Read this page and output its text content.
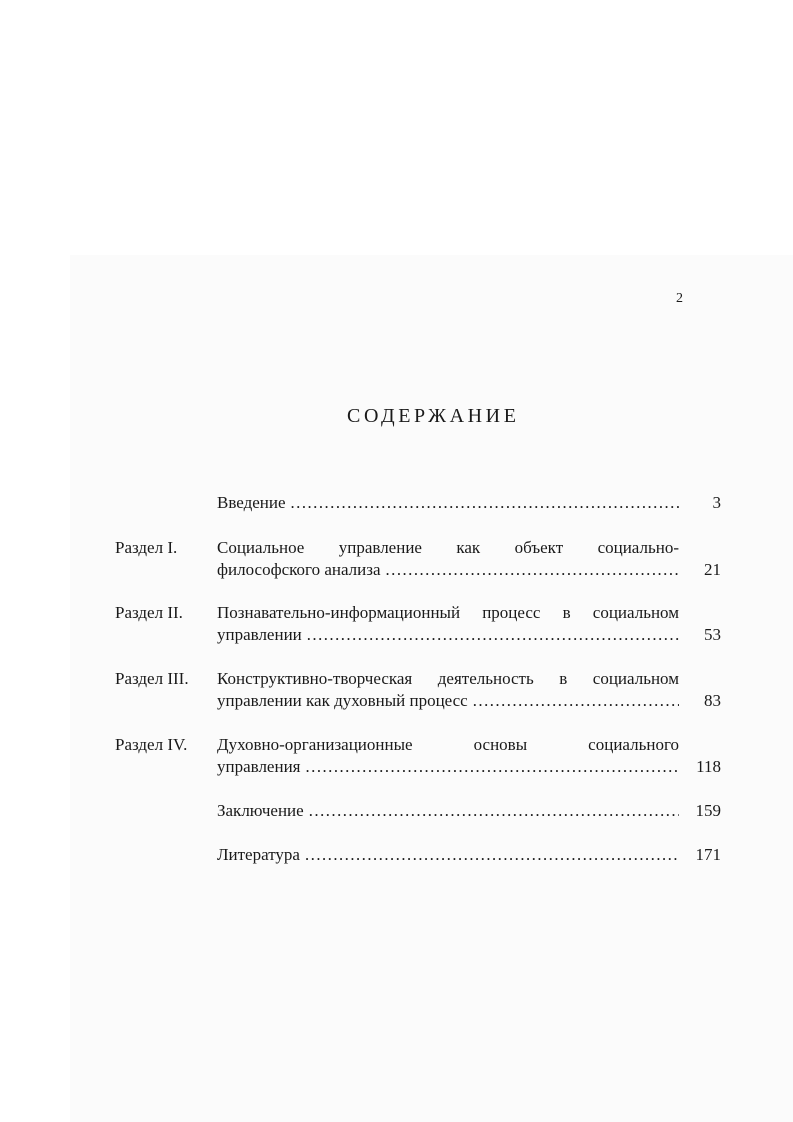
2
СОДЕРЖАНИЕ
Введение ………………………………………………………………………………………………………………………………	3
Раздел I. Социальное управление как объект социально-
философского анализа ………………………………………………………………………………………………………………………………	21
Раздел II. Познавательно-информационный процесс в социальном
управлении ………………………………………………………………………………………………………………………………	53
Раздел III. Конструктивно-творческая деятельность в социальном
управлении как духовный процесс ………………………………………………………………………………………………………………………………	83
Раздел IV. Духовно-организационные основы социального
управления ………………………………………………………………………………………………………………………………	118
Заключение ………………………………………………………………………………………………………………………………	159
Литература ………………………………………………………………………………………………………………………………	171
